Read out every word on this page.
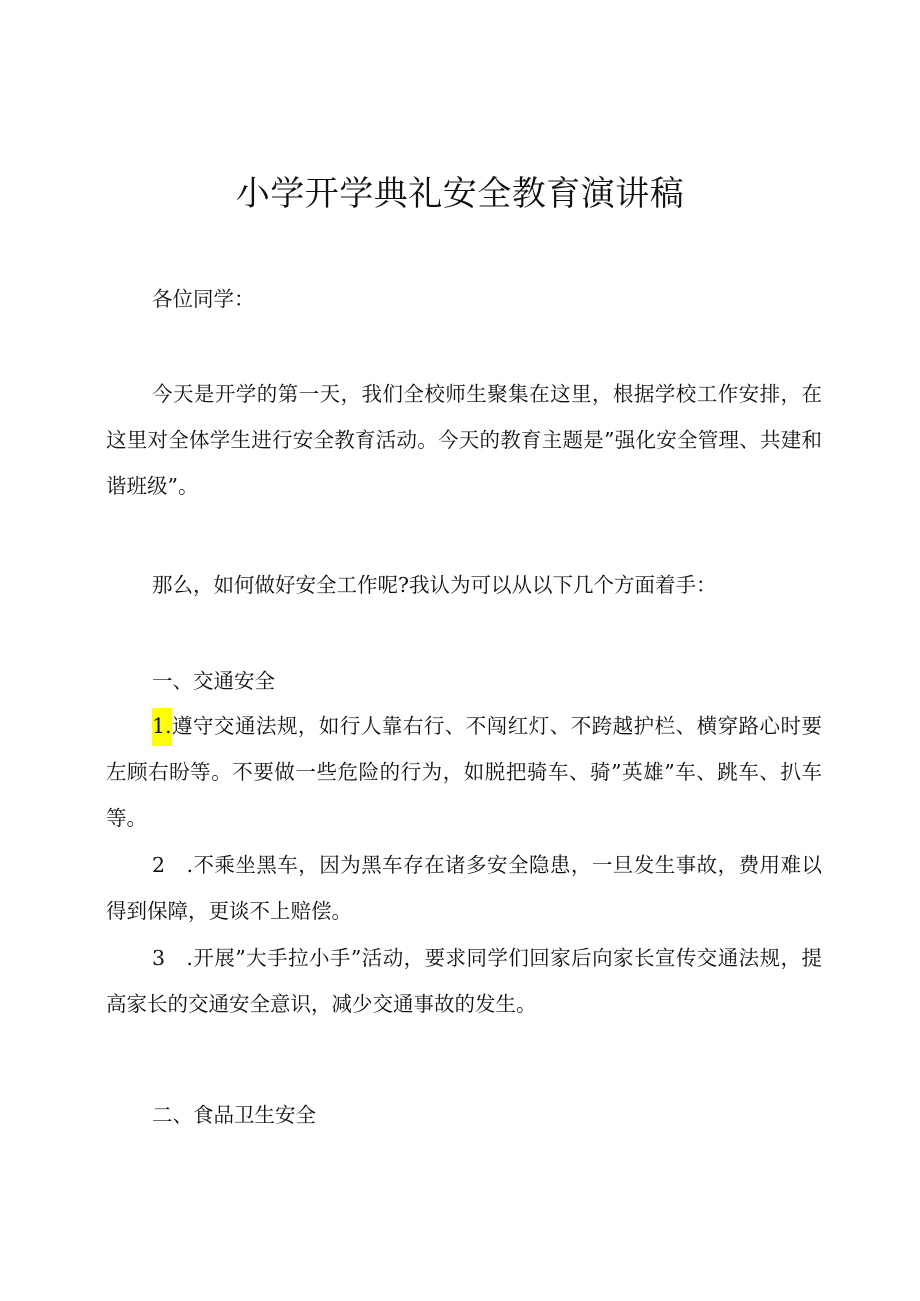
小学开学典礼安全教育演讲稿

各位同学：

今天是开学的第一天，我们全校师生聚集在这里，根据学校工作安排，在这里对全体学生进行安全教育活动。今天的教育主题是”强化安全管理、共建和谐班级”。

那么，如何做好安全工作呢?我认为可以从以下几个方面着手：

一、交通安全

1.遵守交通法规，如行人靠右行、不闯红灯、不跨越护栏、横穿路心时要左顾右盼等。不要做一些危险的行为，如脱把骑车、骑”英雄”车、跳车、扒车等。

2　.不乘坐黑车，因为黑车存在诸多安全隐患，一旦发生事故，费用难以得到保障，更谈不上赔偿。

3　.开展”大手拉小手”活动，要求同学们回家后向家长宣传交通法规，提高家长的交通安全意识，减少交通事故的发生。

二、食品卫生安全
